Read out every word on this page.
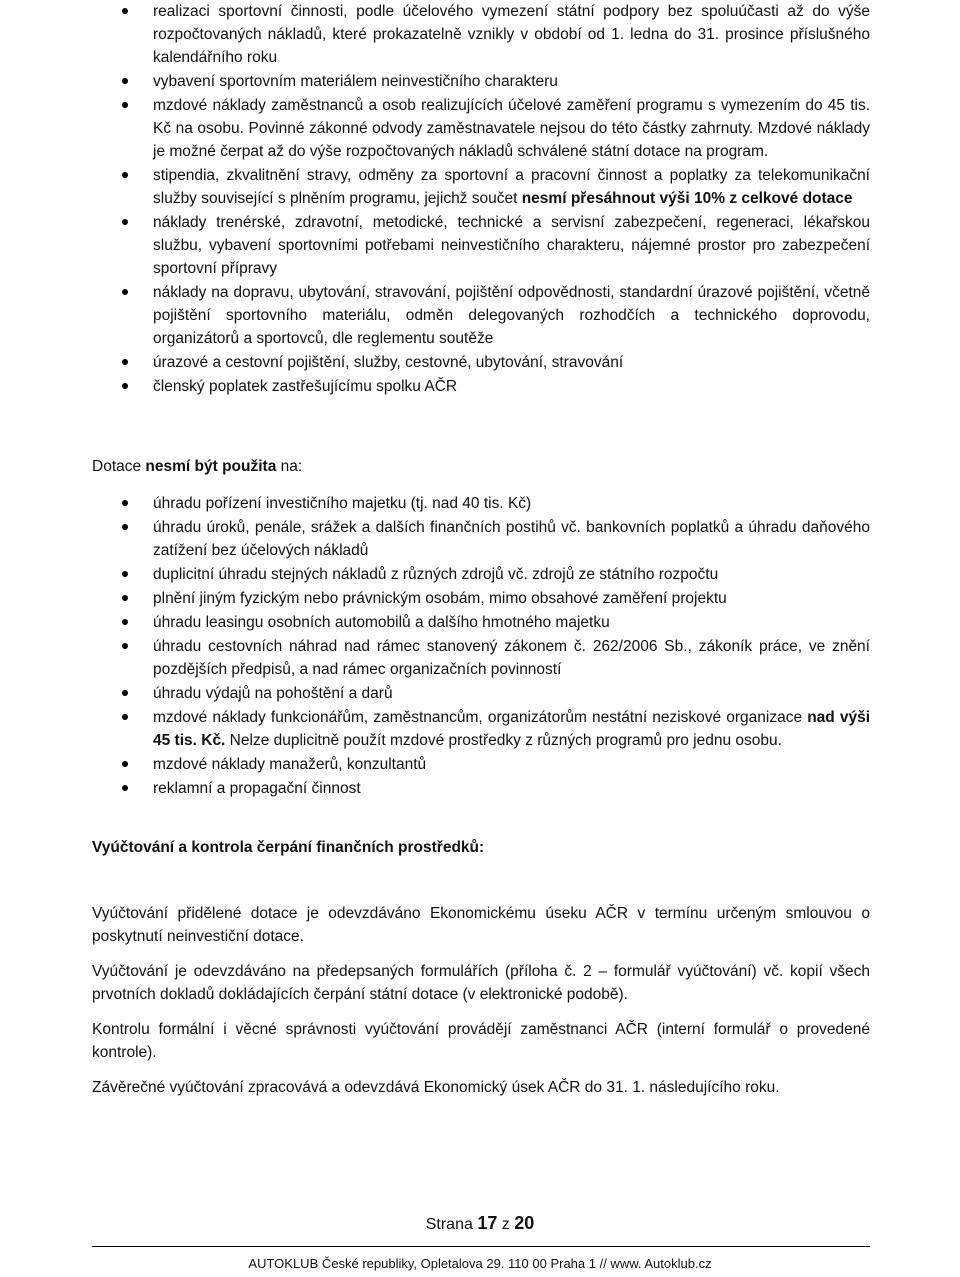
realizaci sportovní činnosti, podle účelového vymezení státní podpory bez spoluúčasti až do výše rozpočtovaných nákladů, které prokazatelně vznikly v období od 1. ledna do 31. prosince příslušného kalendářního roku
vybavení sportovním materiálem neinvestičního charakteru
mzdové náklady zaměstnanců a osob realizujících účelové zaměření programu s vymezením do 45 tis. Kč na osobu. Povinné zákonné odvody zaměstnavatele nejsou do této částky zahrnuty. Mzdové náklady je možné čerpat až do výše rozpočtovaných nákladů schválené státní dotace na program.
stipendia, zkvalitnění stravy, odměny za sportovní a pracovní činnost a poplatky za telekomunikační služby související s plněním programu, jejichž součet nesmí přesáhnout výši 10% z celkové dotace
náklady trenérské, zdravotní, metodické, technické a servisní zabezpečení, regeneraci, lékařskou službu, vybavení sportovními potřebami neinvestičního charakteru, nájemné prostor pro zabezpečení sportovní přípravy
náklady na dopravu, ubytování, stravování, pojištění odpovědnosti, standardní úrazové pojištění, včetně pojištění sportovního materiálu, odměn delegovaných rozhodčích a technického doprovodu, organizátorů a sportovců, dle reglementu soutěže
úrazové a cestovní pojištění, služby, cestovné, ubytování, stravování
členský poplatek zastřešujícímu spolku AČR

Dotace nesmí být použita na:

úhradu pořízení investičního majetku (tj. nad 40 tis. Kč)
úhradu úroků, penále, srážek a dalších finančních postihů vč. bankovních poplatků a úhradu daňového zatížení bez účelových nákladů
duplicitní úhradu stejných nákladů z různých zdrojů vč. zdrojů ze státního rozpočtu
plnění jiným fyzickým nebo právnickým osobám, mimo obsahové zaměření projektu
úhradu leasingu osobních automobilů a dalšího hmotného majetku
úhradu cestovních náhrad nad rámec stanovený zákonem č. 262/2006 Sb., zákoník práce, ve znění pozdějších předpisů, a nad rámec organizačních povinností
úhradu výdajů na pohoštění a darů
mzdové náklady funkcionářům, zaměstnancům, organizátorům nestátní neziskové organizace nad výši 45 tis. Kč. Nelze duplicitně použít mzdové prostředky z různých programů pro jednu osobu.
mzdové náklady manažerů, konzultantů
reklamní a propagační činnost

Vyúčtování a kontrola čerpání finančních prostředků:

Vyúčtování přidělené dotace je odevzdáváno Ekonomickému úseku AČR v termínu určeným smlouvou o poskytnutí neinvestiční dotace.

Vyúčtování je odevzdáváno na předepsaných formulářích (příloha č. 2 – formulář vyúčtování) vč. kopií všech prvotních dokladů dokládajících čerpání státní dotace (v elektronické podobě).

Kontrolu formální i věcné správnosti vyúčtování provádějí zaměstnanci AČR (interní formulář o provedené kontrole).

Závěrečné vyúčtování zpracovává a odevzdává Ekonomický úsek AČR do 31. 1. následujícího roku.

Strana 17 z 20
AUTOKLUB České republiky, Opletalova 29. 110 00 Praha 1 // www. Autoklub.cz
